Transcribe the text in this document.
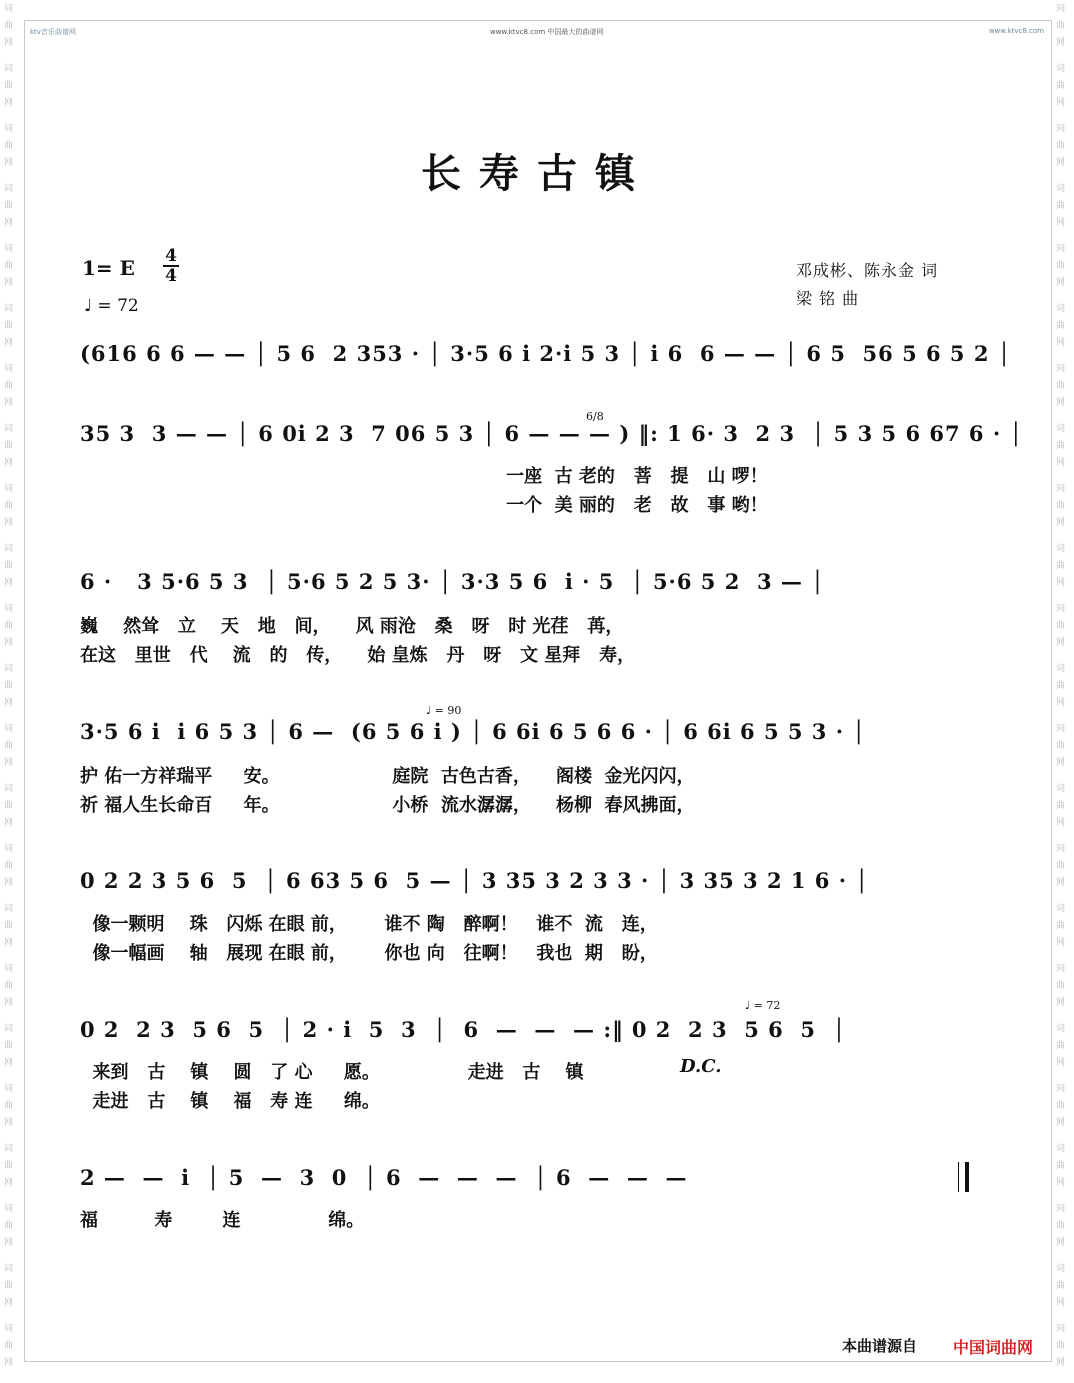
词
曲
网
词
曲
网
词
曲
网
词
曲
网
词
曲
网
词
曲
网
词
曲
网
词
曲
网
词
曲
网
词
曲
网
词
曲
网
词
曲
网
词
曲
网
词
曲
网
词
曲
网
词
曲
网
词
曲
网
词
曲
网
词
曲
网
词
曲
网
词
曲
网
词
曲
网
词
曲
网
词
曲
网
词
曲
网
词
曲
网
词
曲
网
词
曲
网
词
曲
网
词
曲
网
词
曲
网
词
曲
网
词
曲
网
词
曲
网
词
曲
网
词
曲
网
词
曲
网
词
曲
网
词
曲
网
词
曲
网
词
曲
网
词
曲
网
词
曲
网
词
曲
网
词
曲
网
词
曲
网
ktv音乐曲谱网	www.ktvc8.com 中国最大的曲谱网	www.ktvc8.com
长寿古镇
1= E 4
4
♩ = 72
邓成彬、陈永金 词
梁 铭 曲
(616 6 6 — — │ 5 6  2 353 · │ 3·5 6 i 2·i 5 3 │ i 6  6 — — │ 6 5  56 5 6 5 2 │
35 3  3 — — │ 6 0i 2 3  7 06 5 3 │ 6 — — — ) ‖: 1 6· 3  2 3  │ 5 3 5 6 67 6 · │
6/8
一座  古 老的   菩   提   山 啰！
一个  美 丽的   老   故   事 哟！
6 ·   3 5·6 5 3  │ 5·6 5 2 5 3· │ 3·3 5 6  i · 5  │ 5·6 5 2  3 — │
巍    然耸   立    天   地   间，    风 雨沧   桑   呀   时 光荏   苒，
在这   里世   代    流   的   传，    始 皇炼   丹   呀   文 星拜   寿，
♩ = 90
3·5 6 i  i 6 5 3 │ 6 —  (6 5 6 i ) │ 6 6i 6 5 6 6 · │ 6 6i 6 5 5 3 · │
护 佑一方祥瑞平     安。                  庭院  古色古香，    阁楼  金光闪闪，
祈 福人生长命百     年。                  小桥  流水潺潺，    杨柳  春风拂面，
0 2 2 3 5 6  5  │ 6 63 5 6  5 — │ 3 35 3 2 3 3 · │ 3 35 3 2 1 6 · │
像一颗明    珠   闪烁 在眼 前，      谁不 陶   醉啊！   谁不  流   连，
像一幅画    轴   展现 在眼 前，      你也 向   往啊！   我也  期   盼，
♩ = 72
0 2  2 3  5 6  5  │ 2 · i  5  3  │  6  —  —  — :‖ 0 2  2 3  5 6  5  │
来到   古    镇    圆   了 心     愿。              走进   古    镇
走进   古    镇    福   寿 连     绵。
D.C.
2 —  —  i  │ 5  —  3  0  │ 6  —  —  —  │ 6  —  —  —
福         寿        连              绵。
本曲谱源自 中国词曲网
